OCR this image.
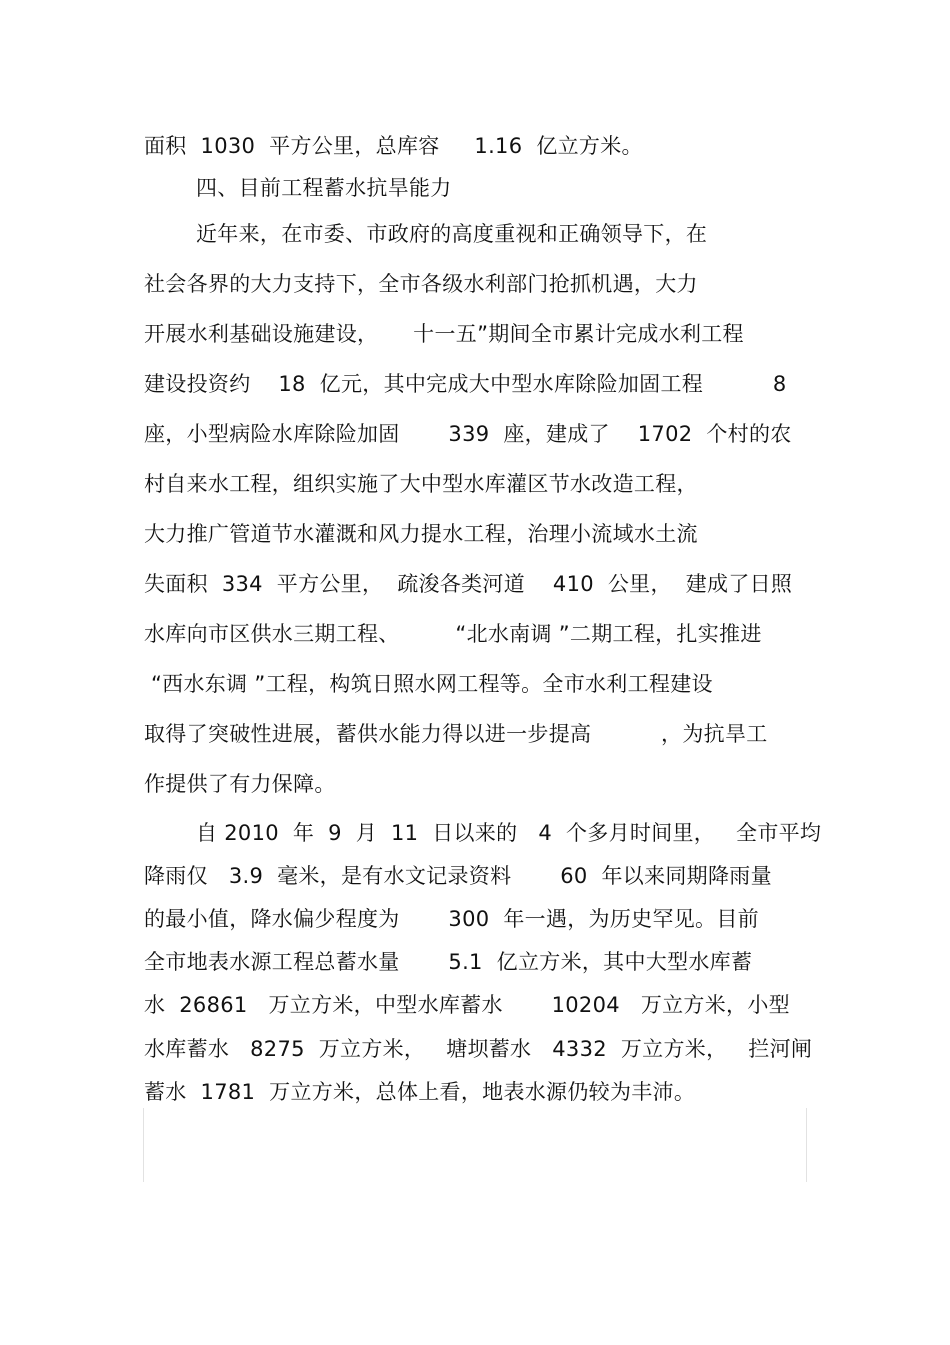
面积  1030  平方公里，总库容     1.16  亿立方米。
四、目前工程蓄水抗旱能力
近年来，在市委、市政府的高度重视和正确领导下，在
社会各界的大力支持下，全市各级水利部门抢抓机遇，大力
开展水利基础设施建设，     十一五”期间全市累计完成水利工程
建设投资约    18  亿元，其中完成大中型水库除险加固工程          8
座，小型病险水库除险加固       339  座，建成了    1702  个村的农
村自来水工程，组织实施了大中型水库灌区节水改造工程，
大力推广管道节水灌溉和风力提水工程，治理小流域水土流
失面积  334  平方公里，  疏浚各类河道    410  公里，  建成了日照
水库向市区供水三期工程、        “北水南调 ”二期工程，扎实推进
“西水东调 ”工程，构筑日照水网工程等。全市水利工程建设
取得了突破性进展，蓄供水能力得以进一步提高          ，为抗旱工
作提供了有力保障。
自 2010  年  9  月  11  日以来的   4  个多月时间里，   全市平均
降雨仅   3.9  毫米，是有水文记录资料       60  年以来同期降雨量
的最小值，降水偏少程度为       300  年一遇，为历史罕见。目前
全市地表水源工程总蓄水量       5.1  亿立方米，其中大型水库蓄
水  26861   万立方米，中型水库蓄水       10204   万立方米，小型
水库蓄水   8275  万立方米，   塘坝蓄水   4332  万立方米，   拦河闸
蓄水  1781  万立方米，总体上看，地表水源仍较为丰沛。
